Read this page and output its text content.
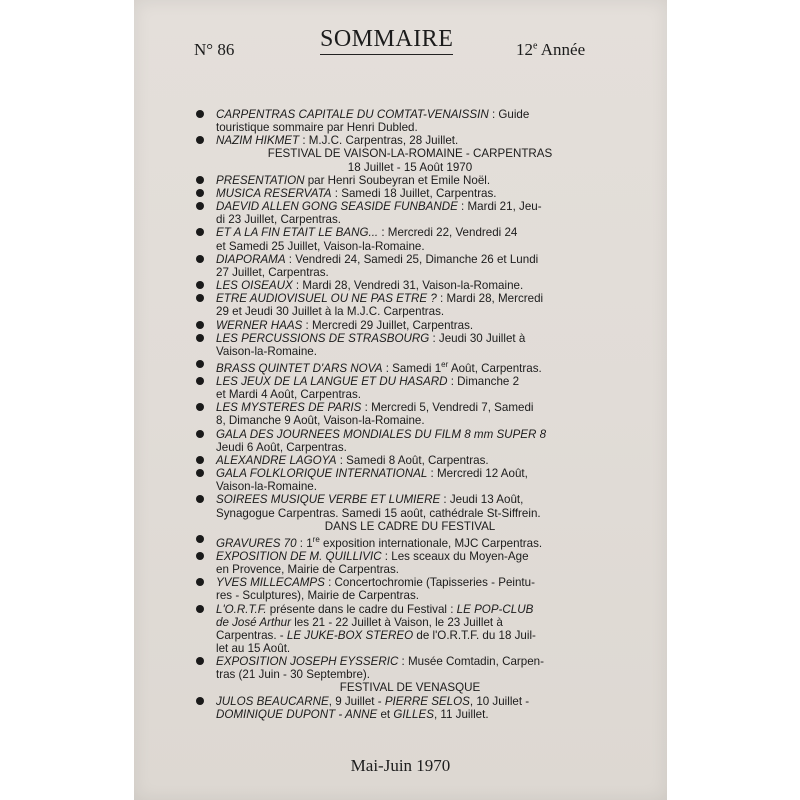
N° 86	SOMMAIRE	12e Année
CARPENTRAS CAPITALE DU COMTAT-VENAISSIN : Guide
touristique sommaire par Henri Dubled.
NAZIM HIKMET : M.J.C. Carpentras, 28 Juillet.
FESTIVAL DE VAISON-LA-ROMAINE - CARPENTRAS
18 Juillet - 15 Août 1970
PRESENTATION par Henri Soubeyran et Emile Noël.
MUSICA RESERVATA : Samedi 18 Juillet, Carpentras.
DAEVID ALLEN GONG SEASIDE FUNBANDE : Mardi 21, Jeu-
di 23 Juillet, Carpentras.
ET A LA FIN ETAIT LE BANG... : Mercredi 22, Vendredi 24
et Samedi 25 Juillet, Vaison-la-Romaine.
DIAPORAMA : Vendredi 24, Samedi 25, Dimanche 26 et Lundi
27 Juillet, Carpentras.
LES OISEAUX : Mardi 28, Vendredi 31, Vaison-la-Romaine.
ETRE AUDIOVISUEL OU NE PAS ETRE ? : Mardi 28, Mercredi
29 et Jeudi 30 Juillet à la M.J.C. Carpentras.
WERNER HAAS : Mercredi 29 Juillet, Carpentras.
LES PERCUSSIONS DE STRASBOURG : Jeudi 30 Juillet à
Vaison-la-Romaine.
BRASS QUINTET D'ARS NOVA : Samedi 1er Août, Carpentras.
LES JEUX DE LA LANGUE ET DU HASARD : Dimanche 2
et Mardi 4 Août, Carpentras.
LES MYSTERES DE PARIS : Mercredi 5, Vendredi 7, Samedi
8, Dimanche 9 Août, Vaison-la-Romaine.
GALA DES JOURNEES MONDIALES DU FILM 8 mm SUPER 8
Jeudi 6 Août, Carpentras.
ALEXANDRE LAGOYA : Samedi 8 Août, Carpentras.
GALA FOLKLORIQUE INTERNATIONAL : Mercredi 12 Août,
Vaison-la-Romaine.
SOIREES MUSIQUE VERBE ET LUMIERE : Jeudi 13 Août,
Synagogue Carpentras. Samedi 15 août, cathédrale St-Siffrein.
DANS LE CADRE DU FESTIVAL
GRAVURES 70 : 1re exposition internationale, MJC Carpentras.
EXPOSITION DE M. QUILLIVIC : Les sceaux du Moyen-Age
en Provence, Mairie de Carpentras.
YVES MILLECAMPS : Concertochromie (Tapisseries - Peintu-
res - Sculptures), Mairie de Carpentras.
L'O.R.T.F. présente dans le cadre du Festival : LE POP-CLUB
de José Arthur les 21 - 22 Juillet à Vaison, le 23 Juillet à
Carpentras. - LE JUKE-BOX STEREO de l'O.R.T.F. du 18 Juil-
let au 15 Août.
EXPOSITION JOSEPH EYSSERIC : Musée Comtadin, Carpen-
tras (21 Juin - 30 Septembre).
FESTIVAL DE VENASQUE
JULOS BEAUCARNE, 9 Juillet - PIERRE SELOS, 10 Juillet -
DOMINIQUE DUPONT - ANNE et GILLES, 11 Juillet.
Mai-Juin 1970
